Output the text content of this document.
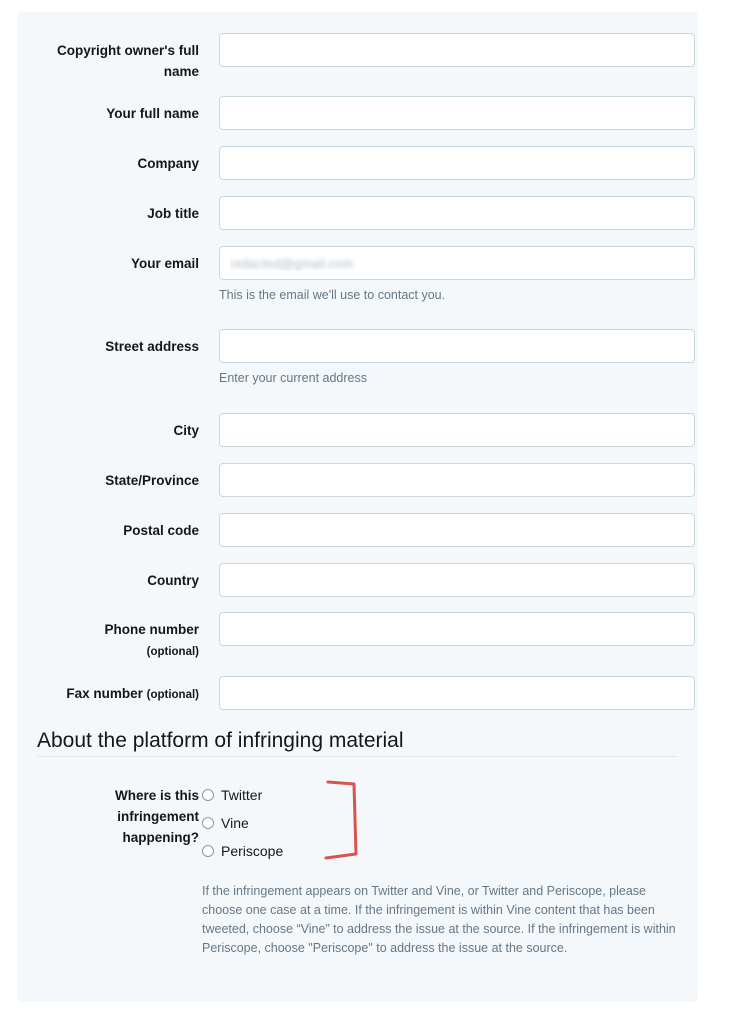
Copyright owner's full
name
Your full name
Company
Job title
Your email
redacted@gmail.com
This is the email we'll use to contact you.
Street address
Enter your current address
City
State/Province
Postal code
Country
Phone number
(optional)
Fax number (optional)
About the platform of infringing material
Where is this
infringement
happening?
Twitter
Vine
Periscope
If the infringement appears on Twitter and Vine, or Twitter and Periscope, please choose one case at a time. If the infringement is within Vine content that has been tweeted, choose “Vine” to address the issue at the source. If the infringement is within Periscope, choose "Periscope" to address the issue at the source.
